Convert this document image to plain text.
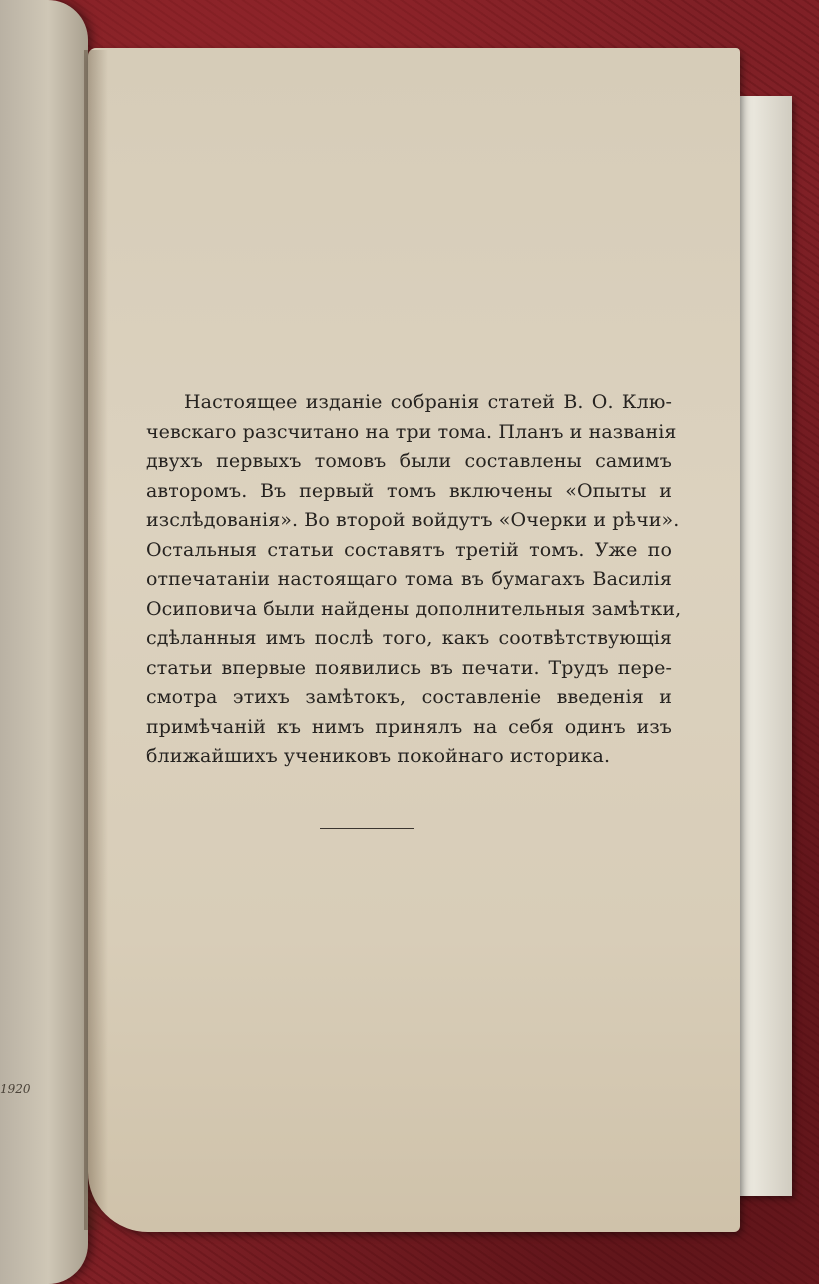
1920
Настоящее изданіе собранія статей В. О. Клю-
чевскаго разсчитано на три тома. Планъ и названія
двухъ первыхъ томовъ были составлены самимъ
авторомъ. Въ первый томъ включены «Опыты и
изслѣдованія». Во второй войдутъ «Очерки и рѣчи».
Остальныя статьи составятъ третій томъ. Уже по
отпечатаніи настоящаго тома въ бумагахъ Василія
Осиповича были найдены дополнительныя замѣтки,
сдѣланныя имъ послѣ того, какъ соотвѣтствующія
статьи впервые появились въ печати. Трудъ пере-
смотра этихъ замѣтокъ, составленіе введенія и
примѣчаній къ нимъ принялъ на себя одинъ изъ
ближайшихъ учениковъ покойнаго историка.
